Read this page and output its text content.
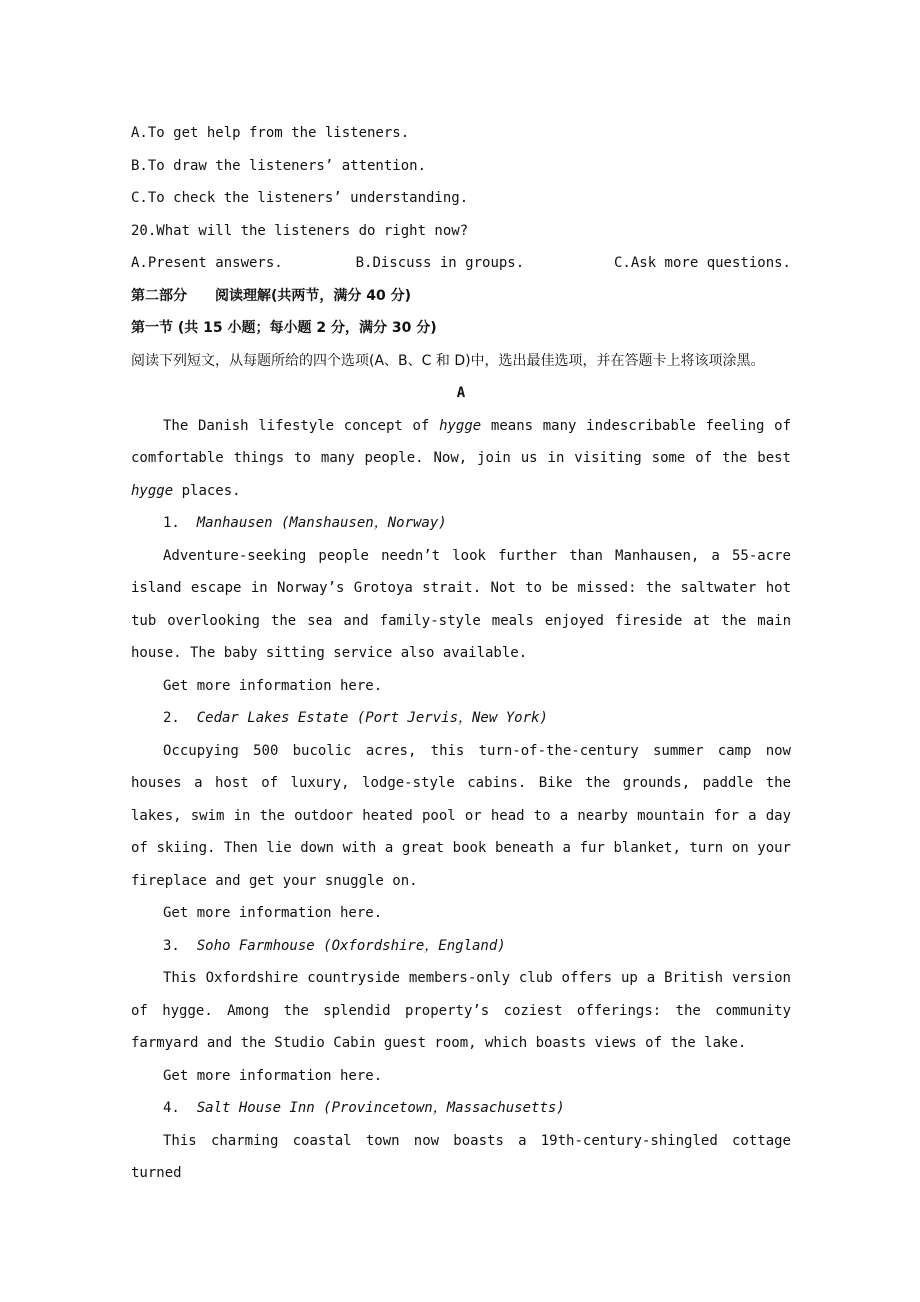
A.To get help from the listeners.

B.To draw the listeners’ attention.

C.To check the listeners’ understanding.

20.What will the listeners do right now?

A.Present answers.	B.Discuss in groups.	C.Ask more questions.

第二部分 阅读理解(共两节，满分 40 分)

第一节 (共 15 小题；每小题 2 分，满分 30 分)

阅读下列短文，从每题所给的四个选项(A、B、C 和 D)中，选出最佳选项，并在答题卡上将该项涂黑。

A

The Danish lifestyle concept of hygge means many indescribable feeling of comfortable things to many people. Now, join us in visiting some of the best hygge places.

1. Manhausen (Manshausen，Norway)

Adventure-seeking people needn’t look further than Manhausen, a 55-acre island escape in Norway’s Grotoya strait. Not to be missed: the saltwater hot tub overlooking the sea and family-style meals enjoyed fireside at the main house. The baby sitting service also available.

Get more information here.

2. Cedar Lakes Estate (Port Jervis，New York)

Occupying 500 bucolic acres, this turn-of-the-century summer camp now houses a host of luxury, lodge-style cabins. Bike the grounds, paddle the lakes, swim in the outdoor heated pool or head to a nearby mountain for a day of skiing. Then lie down with a great book beneath a fur blanket, turn on your fireplace and get your snuggle on.

Get more information here.

3. Soho Farmhouse (Oxfordshire，England)

This Oxfordshire countryside members-only club offers up a British version of hygge. Among the splendid property’s coziest offerings: the community farmyard and the Studio Cabin guest room, which boasts views of the lake.

Get more information here.

4. Salt House Inn (Provincetown，Massachusetts)

This charming coastal town now boasts a 19th-century-shingled cottage turned
